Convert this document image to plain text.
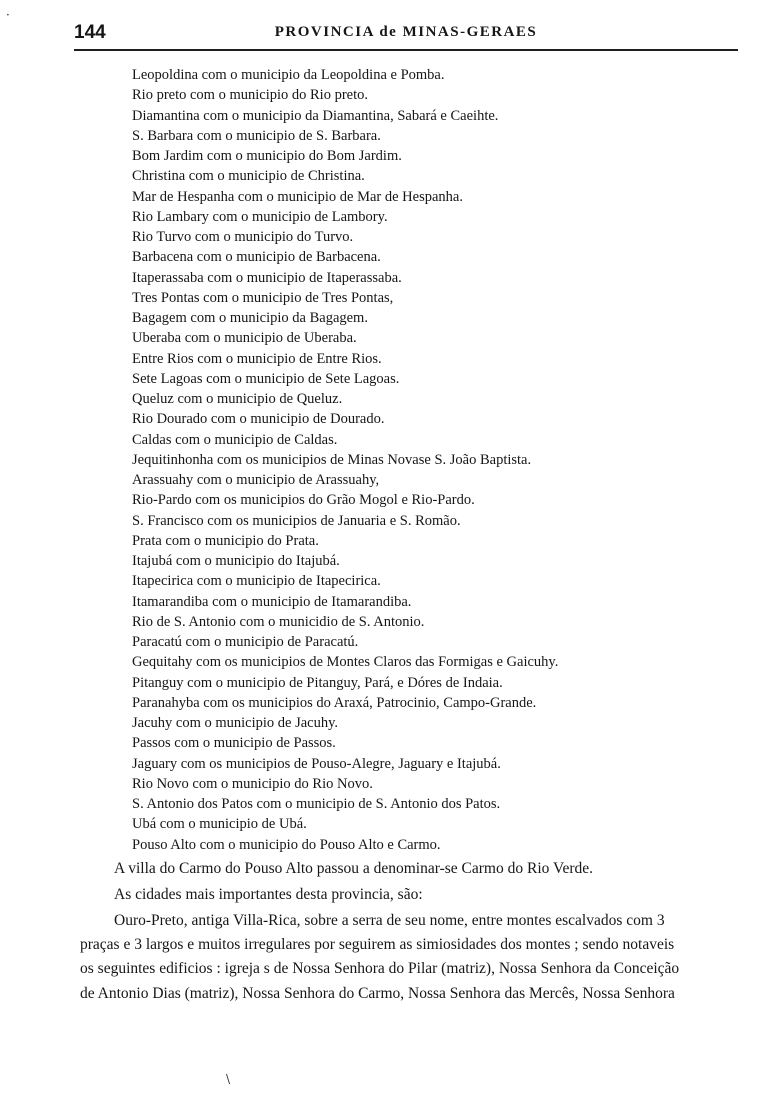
144	PROVINCIA de MINAS-GERAES
Leopoldina com o municipio da Leopoldina e Pomba.
Rio preto com o municipio do Rio preto.
Diamantina com o municipio da Diamantina, Sabará e Caeihte.
S. Barbara com o municipio de S. Barbara.
Bom Jardim com o municipio do Bom Jardim.
Christina com o municipio de Christina.
Mar de Hespanha com o municipio de Mar de Hespanha.
Rio Lambary com o municipio de Lambory.
Rio Turvo com o municipio do Turvo.
Barbacena com o municipio de Barbacena.
Itaperassaba com o municipio de Itaperassaba.
Tres Pontas com o municipio de Tres Pontas,
Bagagem com o municipio da Bagagem.
Uberaba com o municipio de Uberaba.
Entre Rios com o municipio de Entre Rios.
Sete Lagoas com o municipio de Sete Lagoas.
Queluz com o municipio de Queluz.
Rio Dourado com o municipio de Dourado.
Caldas com o municipio de Caldas.
Jequitinhonha com os municipios de Minas Novase S. João Baptista.
Arassuahy com o municipio de Arassuahy,
Rio-Pardo com os municipios do Grão Mogol e Rio-Pardo.
S. Francisco com os municipios de Januaria e S. Romão.
Prata com o municipio do Prata.
Itajubá com o municipio do Itajubá.
Itapecirica com o municipio de Itapecirica.
Itamarandiba com o municipio de Itamarandiba.
Rio de S. Antonio com o municidio de S. Antonio.
Paracatú com o municipio de Paracatú.
Gequitahy com os municipios de Montes Claros das Formigas e Gaicuhy.
Pitanguy com o municipio de Pitanguy, Pará, e Dóres de Indaia.
Paranahyba com os municipios do Araxá, Patrocinio, Campo-Grande.
Jacuhy com o municipio de Jacuhy.
Passos com o municipio de Passos.
Jaguary com os municipios de Pouso-Alegre, Jaguary e Itajubá.
Rio Novo com o municipio do Rio Novo.
S. Antonio dos Patos com o municipio de S. Antonio dos Patos.
Ubá com o municipio de Ubá.
Pouso Alto com o municipio do Pouso Alto e Carmo.

A villa do Carmo do Pouso Alto passou a denominar-se Carmo do Rio Verde.

As cidades mais importantes desta provincia, são:

Ouro-Preto, antiga Villa-Rica, sobre a serra de seu nome, entre montes escalvados com 3

praças e 3 largos e muitos irregulares por seguirem as simiosidades dos montes ; sendo notaveis

os seguintes edificios : igreja s de Nossa Senhora do Pilar (matriz), Nossa Senhora da Conceição

de Antonio Dias (matriz), Nossa Senhora do Carmo, Nossa Senhora das Mercês, Nossa Senhora

·
\
